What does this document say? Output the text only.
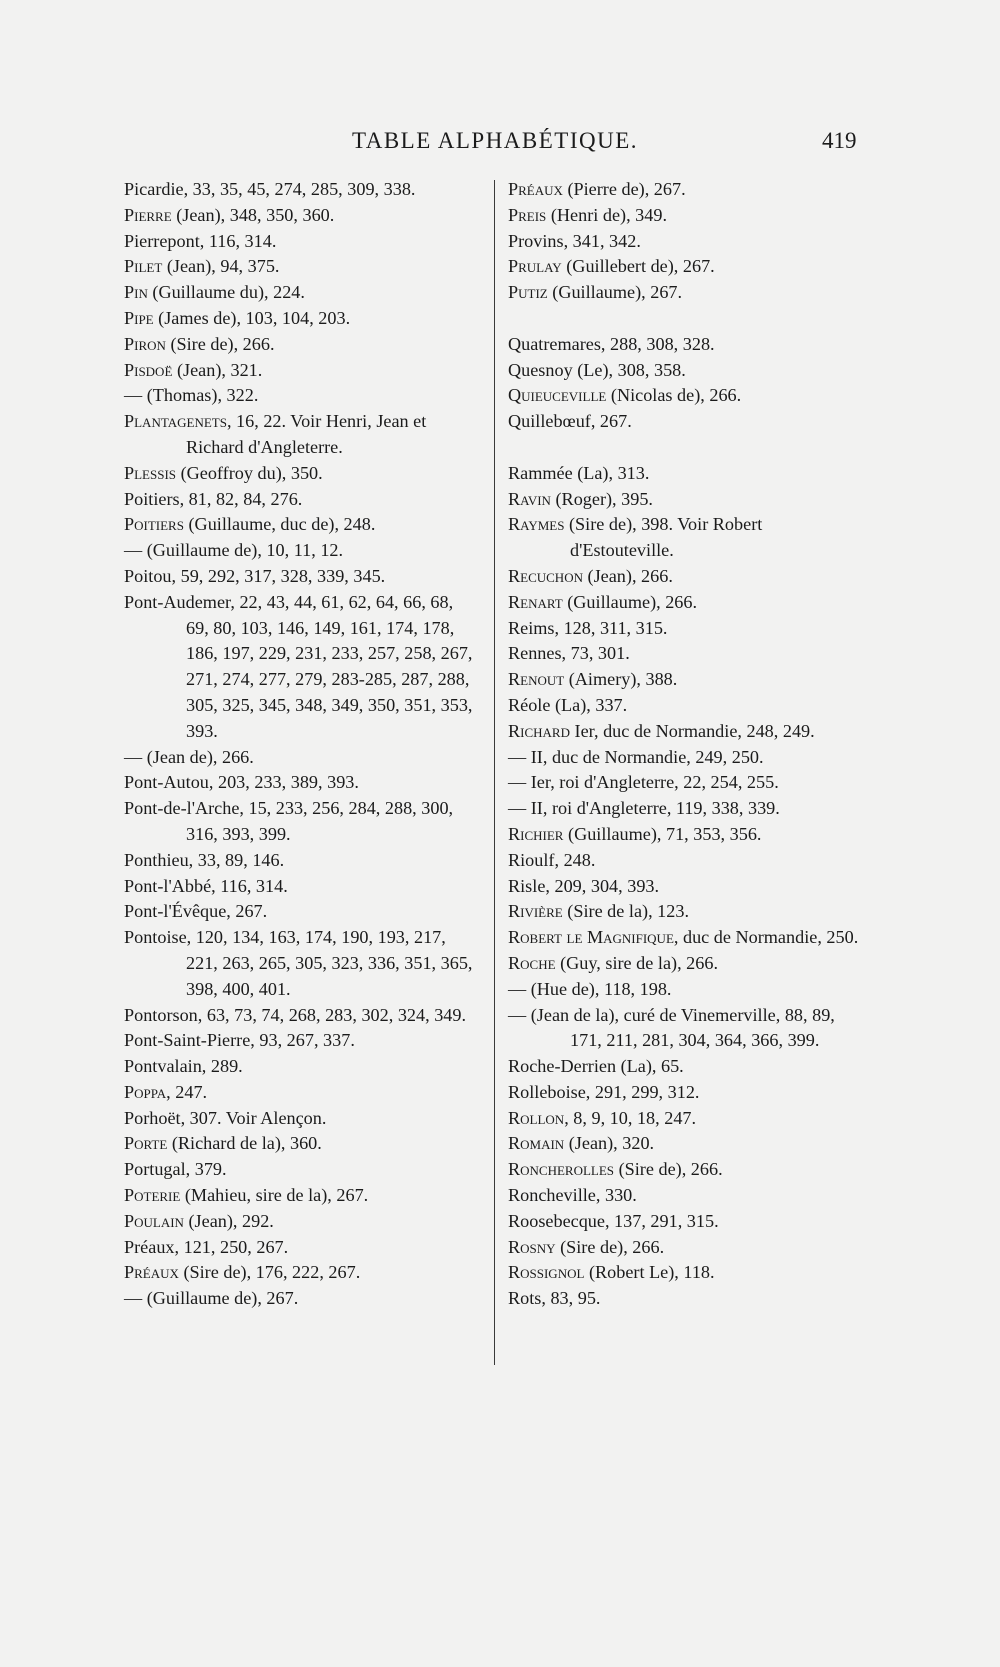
TABLE ALPHABÉTIQUE.	419
Picardie, 33, 35, 45, 274, 285, 309, 338.
Pierre (Jean), 348, 350, 360.
Pierrepont, 116, 314.
Pilet (Jean), 94, 375.
Pin (Guillaume du), 224.
Pipe (James de), 103, 104, 203.
Piron (Sire de), 266.
Pisdoë (Jean), 321.
— (Thomas), 322.
Plantagenets, 16, 22. Voir Henri, Jean et Richard d'Angleterre.
Plessis (Geoffroy du), 350.
Poitiers, 81, 82, 84, 276.
Poitiers (Guillaume, duc de), 248.
— (Guillaume de), 10, 11, 12.
Poitou, 59, 292, 317, 328, 339, 345.
Pont-Audemer, 22, 43, 44, 61, 62, 64, 66, 68, 69, 80, 103, 146, 149, 161, 174, 178, 186, 197, 229, 231, 233, 257, 258, 267, 271, 274, 277, 279, 283-285, 287, 288, 305, 325, 345, 348, 349, 350, 351, 353, 393.
— (Jean de), 266.
Pont-Autou, 203, 233, 389, 393.
Pont-de-l'Arche, 15, 233, 256, 284, 288, 300, 316, 393, 399.
Ponthieu, 33, 89, 146.
Pont-l'Abbé, 116, 314.
Pont-l'Évêque, 267.
Pontoise, 120, 134, 163, 174, 190, 193, 217, 221, 263, 265, 305, 323, 336, 351, 365, 398, 400, 401.
Pontorson, 63, 73, 74, 268, 283, 302, 324, 349.
Pont-Saint-Pierre, 93, 267, 337.
Pontvalain, 289.
Poppa, 247.
Porhoët, 307. Voir Alençon.
Porte (Richard de la), 360.
Portugal, 379.
Poterie (Mahieu, sire de la), 267.
Poulain (Jean), 292.
Préaux, 121, 250, 267.
Préaux (Sire de), 176, 222, 267.
— (Guillaume de), 267.
Préaux (Pierre de), 267.
Preis (Henri de), 349.
Provins, 341, 342.
Prulay (Guillebert de), 267.
Putiz (Guillaume), 267.
Quatremares, 288, 308, 328.
Quesnoy (Le), 308, 358.
Quieuceville (Nicolas de), 266.
Quillebœuf, 267.
Rammée (La), 313.
Ravin (Roger), 395.
Raymes (Sire de), 398. Voir Robert d'Estouteville.
Recuchon (Jean), 266.
Renart (Guillaume), 266.
Reims, 128, 311, 315.
Rennes, 73, 301.
Renout (Aimery), 388.
Réole (La), 337.
Richard Ier, duc de Normandie, 248, 249.
— II, duc de Normandie, 249, 250.
— Ier, roi d'Angleterre, 22, 254, 255.
— II, roi d'Angleterre, 119, 338, 339.
Richier (Guillaume), 71, 353, 356.
Rioulf, 248.
Risle, 209, 304, 393.
Rivière (Sire de la), 123.
Robert le Magnifique, duc de Normandie, 250.
Roche (Guy, sire de la), 266.
— (Hue de), 118, 198.
— (Jean de la), curé de Vinemerville, 88, 89, 171, 211, 281, 304, 364, 366, 399.
Roche-Derrien (La), 65.
Rolleboise, 291, 299, 312.
Rollon, 8, 9, 10, 18, 247.
Romain (Jean), 320.
Roncherolles (Sire de), 266.
Roncheville, 330.
Roosebecque, 137, 291, 315.
Rosny (Sire de), 266.
Rossignol (Robert Le), 118.
Rots, 83, 95.
